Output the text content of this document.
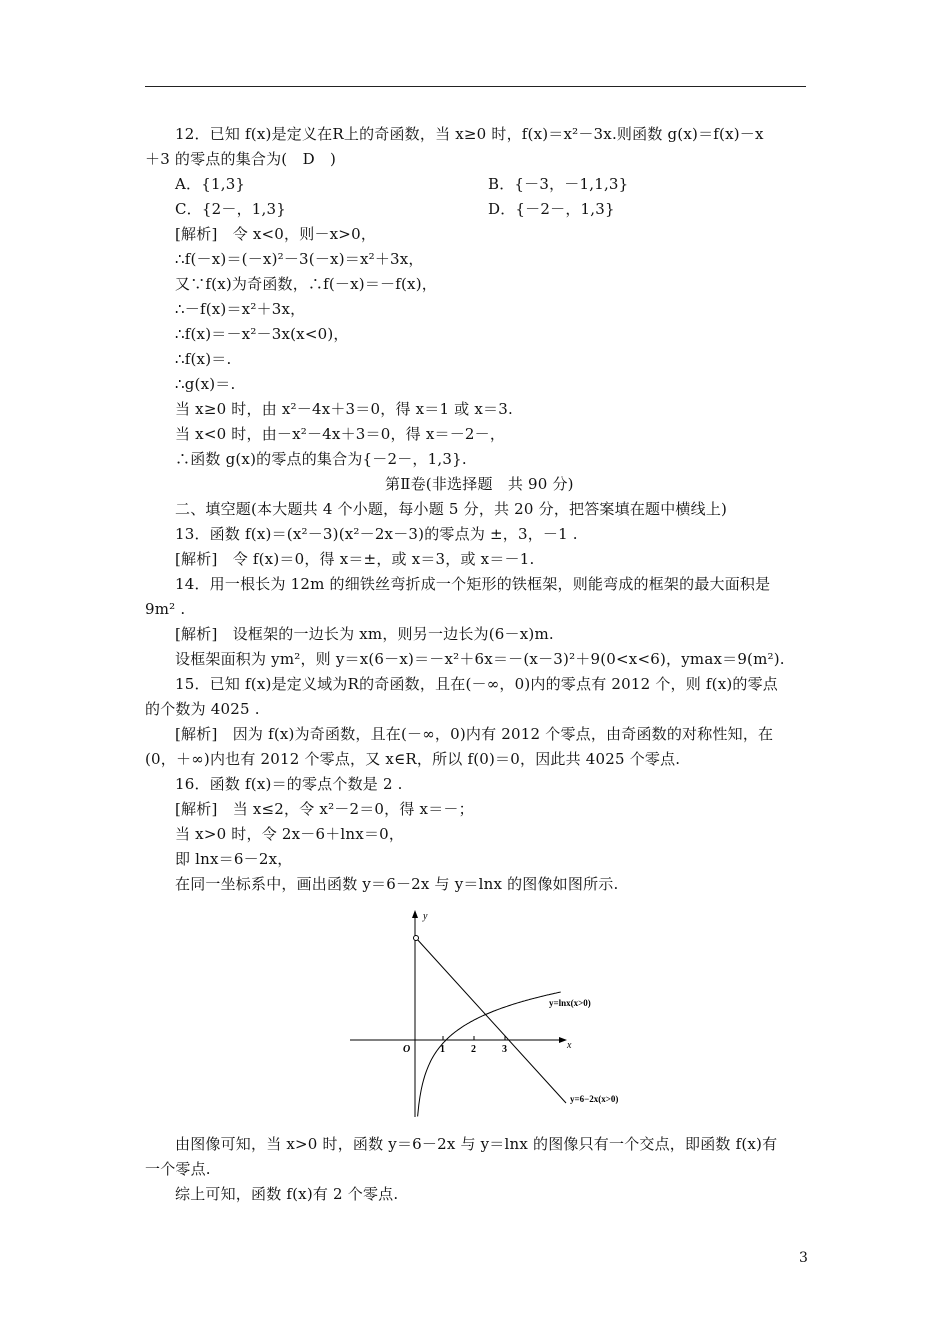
12．已知 f(x)是定义在R上的奇函数，当 x≥0 时，f(x)＝x²－3x.则函数 g(x)＝f(x)－x
＋3 的零点的集合为(　D　)
A．{1,3}	B．{－3，－1,1,3}
C．{2－，1,3}	D．{－2－，1,3}
[解析]　令 x<0，则－x>0，
∴f(－x)＝(－x)²－3(－x)＝x²＋3x，
又∵f(x)为奇函数，∴f(－x)＝－f(x)，
∴－f(x)＝x²＋3x，
∴f(x)＝－x²－3x(x<0)，
∴f(x)＝.
∴g(x)＝.
当 x≥0 时，由 x²－4x＋3＝0，得 x＝1 或 x＝3.
当 x<0 时，由－x²－4x＋3＝0，得 x＝－2－，
∴函数 g(x)的零点的集合为{－2－，1,3}.
第Ⅱ卷(非选择题　共 90 分)
二、填空题(本大题共 4 个小题，每小题 5 分，共 20 分，把答案填在题中横线上)
13．函数 f(x)＝(x²－3)(x²－2x－3)的零点为 ±，3，－1 .
[解析]　令 f(x)＝0，得 x＝±，或 x＝3，或 x＝－1.
14．用一根长为 12m 的细铁丝弯折成一个矩形的铁框架，则能弯成的框架的最大面积是
9m² .
[解析]　设框架的一边长为 xm，则另一边长为(6－x)m.
设框架面积为 ym²，则 y＝x(6－x)＝－x²＋6x＝－(x－3)²＋9(0<x<6)，ymax＝9(m²).
15．已知 f(x)是定义域为R的奇函数，且在(－∞，0)内的零点有 2012 个，则 f(x)的零点
的个数为 4025 .
[解析]　因为 f(x)为奇函数，且在(－∞，0)内有 2012 个零点，由奇函数的对称性知，在
(0，＋∞)内也有 2012 个零点，又 x∈R，所以 f(0)＝0，因此共 4025 个零点.
16．函数 f(x)＝的零点个数是 2 .
[解析]　当 x≤2，令 x²－2＝0，得 x＝－；
当 x>0 时，令 2x－6＋lnx＝0，
即 lnx＝6－2x，
在同一坐标系中，画出函数 y＝6－2x 与 y＝lnx 的图像如图所示.
y
x
O	1	2	3
y=lnx(x>0)
y=6−2x(x>0)
由图像可知，当 x>0 时，函数 y＝6－2x 与 y＝lnx 的图像只有一个交点，即函数 f(x)有
一个零点.
综上可知，函数 f(x)有 2 个零点.
3
